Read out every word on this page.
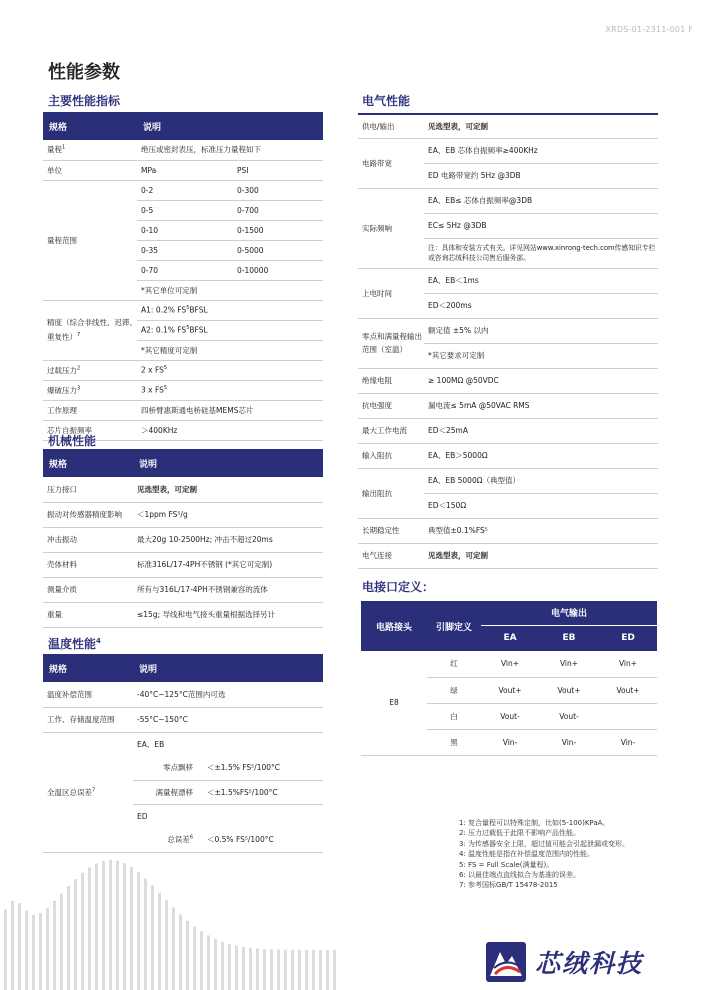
XRDS-01-2311-001 F
性能参数
主要性能指标
规格	说明	
量程$^1$	绝压或密封表压，标准压力量程如下	
单位	MPa	PSI
量程范围	0-2	0-300
	0-5	0-700
	0-10	0-1500
	0-35	0-5000
	0-70	0-10000
	*其它单位可定制	
精度（综合非线性、迟滞、重复性）$^7$	A1: 0.2% $FS^5BFSL$	
	A2: 0.1% $FS^5BFSL$	
	*其它精度可定制	
过载压力$^2$	2 x $FS^5$
爆破压力$^3$	3 x $FS^5$
工作原理	四桥臂惠斯通电桥硅基MEMS芯片	
芯片自振频率	＞400KHz	
机械性能
规格	说明
压力接口	见选型表，可定制
振动对传感器精度影响	＜1ppm FS⁵/g
冲击振动	最大20g 10-2500Hz; 冲击不超过20ms
壳体材料	标准316L/17-4PH不锈钢 (*其它可定制)
测量介质	所有与316L/17-4PH不锈钢兼容的流体
重量	≤15g; 导线和电气接头重量根据选择另计
温度性能$^4$
规格	说明	
温度补偿范围	-40°C~125°C范围内可选	
工作、存储温度范围	-55°C~150°C	
全温区总误差$^7$	EA、EB	
	零点飘移	＜±1.5% FS⁵/100°C
	满量程漂移	＜±1.5%FS⁵/100°C
	ED	
	总误差$^6$	＜0.5% FS⁵/100°C
电气性能
供电/输出	见选型表，可定制
电路带宽	EA、EB 芯体自振频率≥400KHz
	ED 电路带宽约 5Hz @3DB
实际频响	EA、EB≤ 芯体自振频率@3DB
	EC≤ 5Hz @3DB
	注：具体和安装方式有关。详见网站www.xinrong-tech.com传感知识专栏或咨询芯绒科技公司售后服务部。
上电时间	EA、EB＜1ms
	ED＜200ms
零点和满量程输出范围（室温）	额定值 ±5% 以内
	*其它要求可定制
绝缘电阻	≥ 100MΩ @50VDC
抗电强度	漏电流≤ 5mA @50VAC RMS
最大工作电流	ED＜25mA
输入阻抗	EA、EB＞5000Ω
输出阻抗	EA、EB 5000Ω（典型值）
	ED＜150Ω
长期稳定性	典型值±0.1%FS⁵
电气连接	见选型表，可定制
电接口定义：
电路接头	引脚定义	电气输出		
		EA	EB	ED
E8	红	Vin+	Vin+	Vin+
	绿	Vout+	Vout+	Vout+
	白	Vout-	Vout-	
	黑	Vin-	Vin-	Vin-
1: 复合量程可以特殊定制，比如(5-100)KPaA。
2: 压力过载低于此限不影响产品性能。
3: 为传感器安全上限，超过值可能会引起泄漏或变形。
4: 温度性能是指在补偿温度范围内的性能。
5: FS = Full Scale(满量程)。
6: 以最佳端点直线拟合为基准的误差。
7: 参考国标GB/T 15478-2015
芯绒科技
